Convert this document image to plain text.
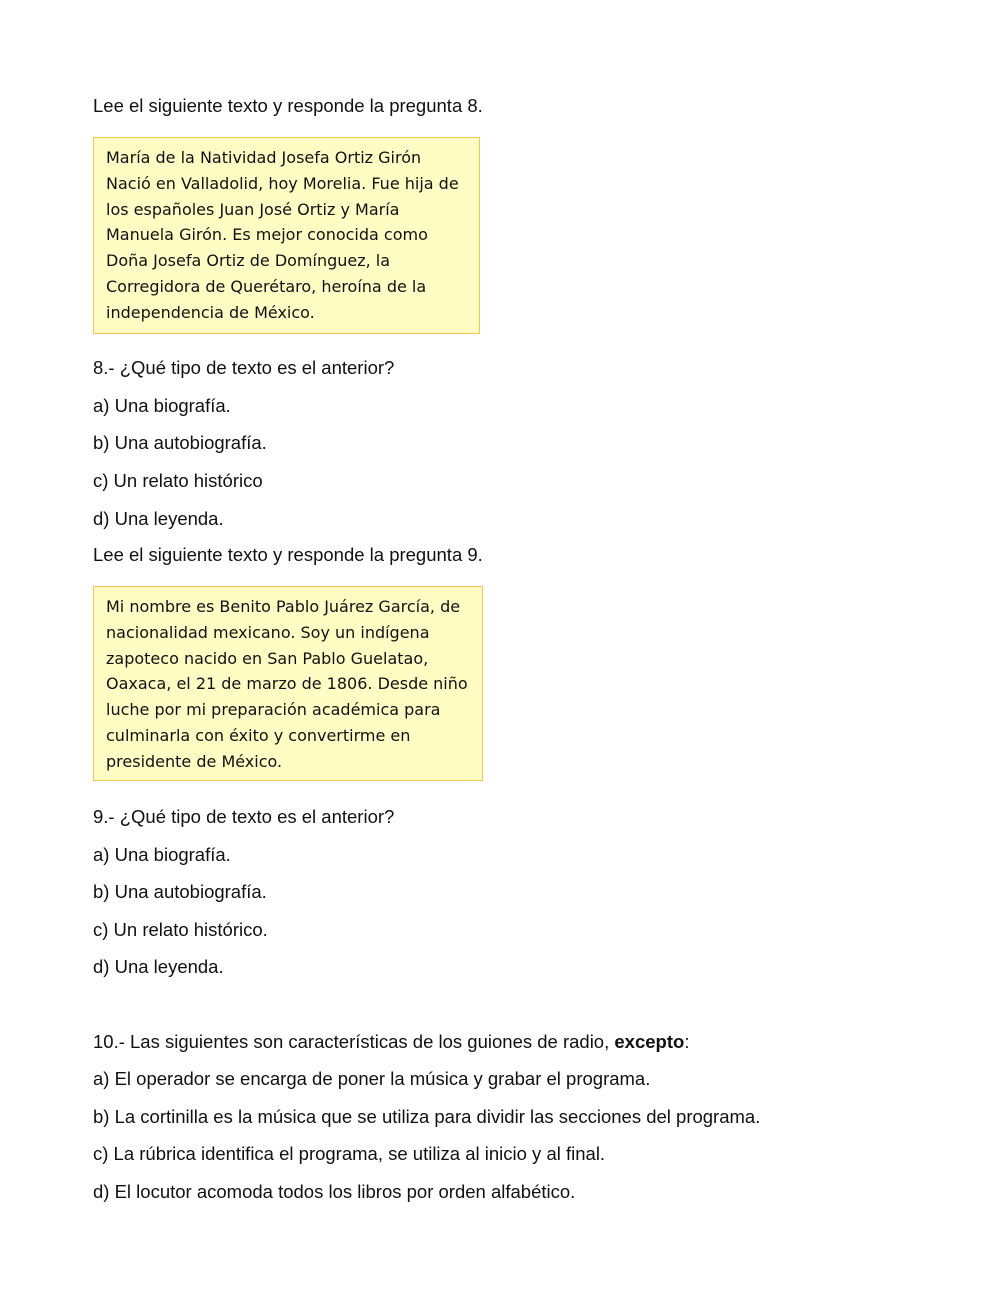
Lee el siguiente texto y responde la pregunta 8.

María de la Natividad Josefa Ortiz Girón

Nació en Valladolid, hoy Morelia. Fue hija de

los españoles Juan José Ortiz y María

Manuela Girón. Es mejor conocida como

Doña Josefa Ortiz de Domínguez, la

Corregidora de Querétaro, heroína de la

independencia de México.

8.- ¿Qué tipo de texto es el anterior?
a) Una biografía.
b) Una autobiografía.
c) Un relato histórico
d) Una leyenda.
Lee el siguiente texto y responde la pregunta 9.

Mi nombre es Benito Pablo Juárez García, de

nacionalidad mexicano. Soy un indígena

zapoteco nacido en San Pablo Guelatao,

Oaxaca, el 21 de marzo de 1806. Desde niño

luche por mi preparación académica para

culminarla con éxito y convertirme en

presidente de México.

9.- ¿Qué tipo de texto es el anterior?
a) Una biografía.
b) Una autobiografía.
c) Un relato histórico.
d) Una leyenda.
10.- Las siguientes son características de los guiones de radio, excepto:
a) El operador se encarga de poner la música y grabar el programa.
b) La cortinilla es la música que se utiliza para dividir las secciones del programa.
c) La rúbrica identifica el programa, se utiliza al inicio y al final.
d) El locutor acomoda todos los libros por orden alfabético.
